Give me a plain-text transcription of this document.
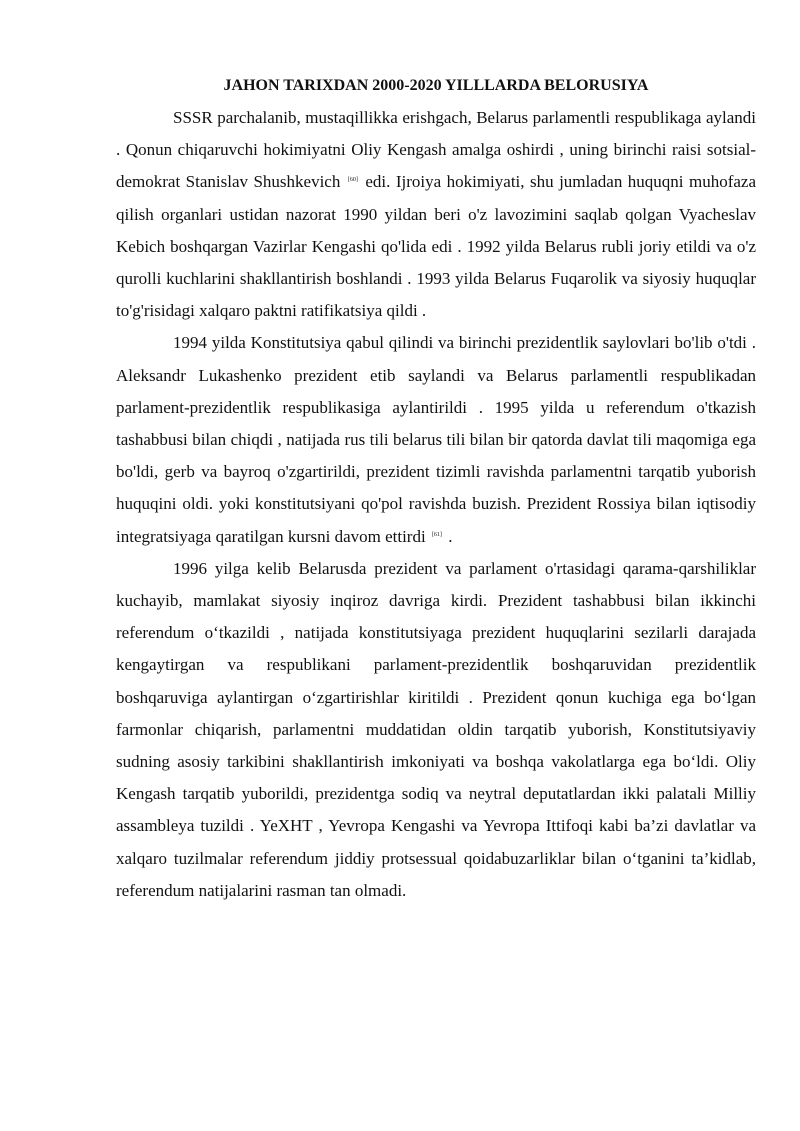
JAHON TARIXDAN 2000-2020 YILLLARDA BELORUSIYA

SSSR parchalanib, mustaqillikka erishgach, Belarus parlamentli respublikaga aylandi . Qonun chiqaruvchi hokimiyatni Oliy Kengash amalga oshirdi , uning birinchi raisi sotsial-demokrat Stanislav Shushkevich [60] edi. Ijroiya hokimiyati, shu jumladan huquqni muhofaza qilish organlari ustidan nazorat 1990 yildan beri o'z lavozimini saqlab qolgan Vyacheslav Kebich boshqargan Vazirlar Kengashi qo'lida edi . 1992 yilda Belarus rubli joriy etildi va o'z qurolli kuchlarini shakllantirish boshlandi . 1993 yilda Belarus Fuqarolik va siyosiy huquqlar to'g'risidagi xalqaro paktni ratifikatsiya qildi .

1994 yilda Konstitutsiya qabul qilindi va birinchi prezidentlik saylovlari bo'lib o'tdi . Aleksandr Lukashenko prezident etib saylandi va Belarus parlamentli respublikadan parlament-prezidentlik respublikasiga aylantirildi . 1995 yilda u referendum o'tkazish tashabbusi bilan chiqdi , natijada rus tili belarus tili bilan bir qatorda davlat tili maqomiga ega bo'ldi, gerb va bayroq o'zgartirildi, prezident tizimli ravishda parlamentni tarqatib yuborish huquqini oldi. yoki konstitutsiyani qo'pol ravishda buzish. Prezident Rossiya bilan iqtisodiy integratsiyaga qaratilgan kursni davom ettirdi [61] .

1996 yilga kelib Belarusda prezident va parlament o'rtasidagi qarama-qarshiliklar kuchayib, mamlakat siyosiy inqiroz davriga kirdi. Prezident tashabbusi bilan ikkinchi referendum o‘tkazildi , natijada konstitutsiyaga prezident huquqlarini sezilarli darajada kengaytirgan va respublikani parlament-prezidentlik boshqaruvidan prezidentlik boshqaruviga aylantirgan o‘zgartirishlar kiritildi . Prezident qonun kuchiga ega bo‘lgan farmonlar chiqarish, parlamentni muddatidan oldin tarqatib yuborish, Konstitutsiyaviy sudning asosiy tarkibini shakllantirish imkoniyati va boshqa vakolatlarga ega bo‘ldi. Oliy Kengash tarqatib yuborildi, prezidentga sodiq va neytral deputatlardan ikki palatali Milliy assambleya tuzildi . YeXHT , Yevropa Kengashi va Yevropa Ittifoqi kabi ba’zi davlatlar va xalqaro tuzilmalar referendum jiddiy protsessual qoidabuzarliklar bilan o‘tganini ta’kidlab, referendum natijalarini rasman tan olmadi.
